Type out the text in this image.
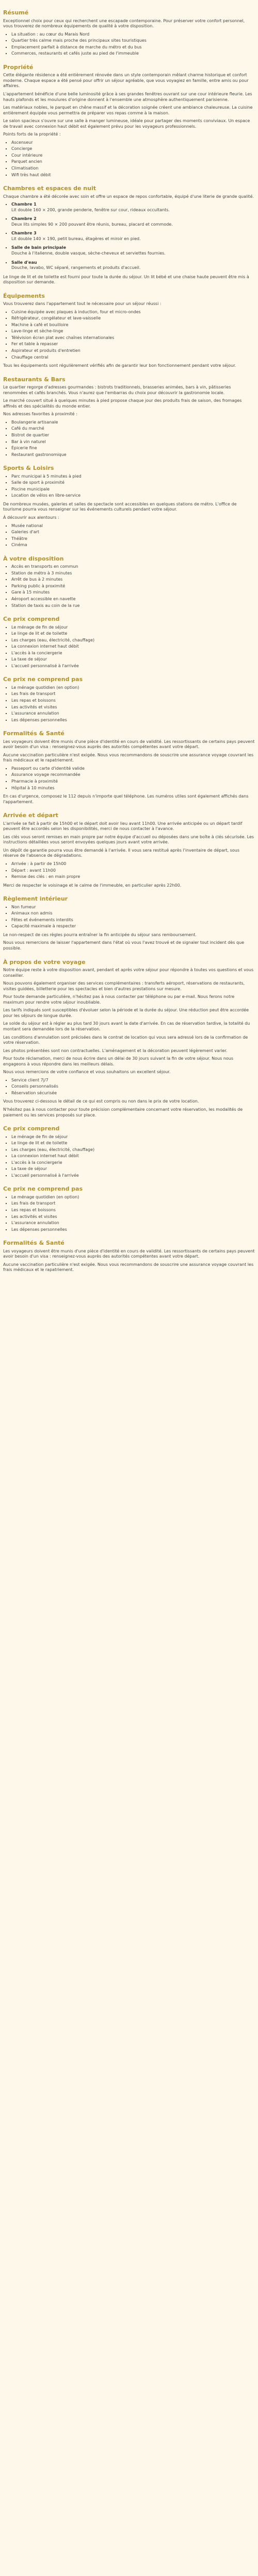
Résumé

Exceptionnel choix pour ceux qui recherchent une escapade contemporaine. Pour préserver votre confort personnel, vous trouverez de nombreux équipements de qualité à votre disposition.

▪ La situation : au cœur du Marais Nord
▪ Quartier très calme mais proche des principaux sites touristiques
▪ Emplacement parfait à distance de marche du métro et du bus
▪ Commerces, restaurants et cafés juste au pied de l'immeuble
Propriété

Cette élégante résidence a été entièrement rénovée dans un style contemporain mêlant charme historique et confort moderne. Chaque espace a été pensé pour offrir un séjour agréable, que vous voyagiez en famille, entre amis ou pour affaires.

L'appartement bénéficie d'une belle luminosité grâce à ses grandes fenêtres ouvrant sur une cour intérieure fleurie. Les hauts plafonds et les moulures d'origine donnent à l'ensemble une atmosphère authentiquement parisienne.

Les matériaux nobles, le parquet en chêne massif et la décoration soignée créent une ambiance chaleureuse. La cuisine entièrement équipée vous permettra de préparer vos repas comme à la maison.

Le salon spacieux s'ouvre sur une salle à manger lumineuse, idéale pour partager des moments conviviaux. Un espace de travail avec connexion haut débit est également prévu pour les voyageurs professionnels.

Points forts de la propriété :

▪ Ascenseur
▪ Concierge
▪ Cour intérieure
▪ Parquet ancien
▪ Climatisation
▪ Wifi très haut débit
Chambres et espaces de nuit

Chaque chambre a été décorée avec soin et offre un espace de repos confortable, équipé d'une literie de grande qualité.

▪ Chambre 1
Lit double 160 × 200, grande penderie, fenêtre sur cour, rideaux occultants.
▪ Chambre 2
Deux lits simples 90 × 200 pouvant être réunis, bureau, placard et commode.
▪ Chambre 3
Lit double 140 × 190, petit bureau, étagères et miroir en pied.
▪ Salle de bain principale
Douche à l'italienne, double vasque, sèche-cheveux et serviettes fournies.
▪ Salle d'eau
Douche, lavabo, WC séparé, rangements et produits d'accueil.

Le linge de lit et de toilette est fourni pour toute la durée du séjour. Un lit bébé et une chaise haute peuvent être mis à disposition sur demande.

Équipements

Vous trouverez dans l'appartement tout le nécessaire pour un séjour réussi :

▪ Cuisine équipée avec plaques à induction, four et micro-ondes
▪ Réfrigérateur, congélateur et lave-vaisselle
▪ Machine à café et bouilloire
▪ Lave-linge et sèche-linge
▪ Télévision écran plat avec chaînes internationales
▪ Fer et table à repasser
▪ Aspirateur et produits d'entretien
▪ Chauffage central

Tous les équipements sont régulièrement vérifiés afin de garantir leur bon fonctionnement pendant votre séjour.

Restaurants & Bars

Le quartier regorge d'adresses gourmandes : bistrots traditionnels, brasseries animées, bars à vin, pâtisseries renommées et cafés branchés. Vous n'aurez que l'embarras du choix pour découvrir la gastronomie locale.

Le marché couvert situé à quelques minutes à pied propose chaque jour des produits frais de saison, des fromages affinés et des spécialités du monde entier.

Nos adresses favorites à proximité :

▪ Boulangerie artisanale
▪ Café du marché
▪ Bistrot de quartier
▪ Bar à vin naturel
▪ Épicerie fine
▪ Restaurant gastronomique
Sports & Loisirs
▪ Parc municipal à 5 minutes à pied
▪ Salle de sport à proximité
▪ Piscine municipale
▪ Location de vélos en libre-service

De nombreux musées, galeries et salles de spectacle sont accessibles en quelques stations de métro. L'office de tourisme pourra vous renseigner sur les événements culturels pendant votre séjour.

À découvrir aux alentours :

▪ Musée national
▪ Galeries d'art
▪ Théâtre
▪ Cinéma
À votre disposition
▪ Accès en transports en commun
▪ Station de métro à 3 minutes
▪ Arrêt de bus à 2 minutes
▪ Parking public à proximité
▪ Gare à 15 minutes
▪ Aéroport accessible en navette
▪ Station de taxis au coin de la rue
Ce prix comprend
▪ Le ménage de fin de séjour
▪ Le linge de lit et de toilette
▪ Les charges (eau, électricité, chauffage)
▪ La connexion internet haut débit
▪ L'accès à la conciergerie
▪ La taxe de séjour
▪ L'accueil personnalisé à l'arrivée
Ce prix ne comprend pas
▪ Le ménage quotidien (en option)
▪ Les frais de transport
▪ Les repas et boissons
▪ Les activités et visites
▪ L'assurance annulation
▪ Les dépenses personnelles
Formalités & Santé

Les voyageurs doivent être munis d'une pièce d'identité en cours de validité. Les ressortissants de certains pays peuvent avoir besoin d'un visa : renseignez-vous auprès des autorités compétentes avant votre départ.

Aucune vaccination particulière n'est exigée. Nous vous recommandons de souscrire une assurance voyage couvrant les frais médicaux et le rapatriement.

▪ Passeport ou carte d'identité valide
▪ Assurance voyage recommandée
▪ Pharmacie à proximité
▪ Hôpital à 10 minutes

En cas d'urgence, composez le 112 depuis n'importe quel téléphone. Les numéros utiles sont également affichés dans l'appartement.

Arrivée et départ

L'arrivée se fait à partir de 15h00 et le départ doit avoir lieu avant 11h00. Une arrivée anticipée ou un départ tardif peuvent être accordés selon les disponibilités, merci de nous contacter à l'avance.

Les clés vous seront remises en main propre par notre équipe d'accueil ou déposées dans une boîte à clés sécurisée. Les instructions détaillées vous seront envoyées quelques jours avant votre arrivée.

Un dépôt de garantie pourra vous être demandé à l'arrivée. Il vous sera restitué après l'inventaire de départ, sous réserve de l'absence de dégradations.

▪ Arrivée : à partir de 15h00
▪ Départ : avant 11h00
▪ Remise des clés : en main propre

Merci de respecter le voisinage et le calme de l'immeuble, en particulier après 22h00.

Règlement intérieur
▪ Non fumeur
▪ Animaux non admis
▪ Fêtes et événements interdits
▪ Capacité maximale à respecter

Le non-respect de ces règles pourra entraîner la fin anticipée du séjour sans remboursement.

Nous vous remercions de laisser l'appartement dans l'état où vous l'avez trouvé et de signaler tout incident dès que possible.

À propos de votre voyage

Notre équipe reste à votre disposition avant, pendant et après votre séjour pour répondre à toutes vos questions et vous conseiller.

Nous pouvons également organiser des services complémentaires : transferts aéroport, réservations de restaurants, visites guidées, billetterie pour les spectacles et bien d'autres prestations sur mesure.

Pour toute demande particulière, n'hésitez pas à nous contacter par téléphone ou par e-mail. Nous ferons notre maximum pour rendre votre séjour inoubliable.

Les tarifs indiqués sont susceptibles d'évoluer selon la période et la durée du séjour. Une réduction peut être accordée pour les séjours de longue durée.

Le solde du séjour est à régler au plus tard 30 jours avant la date d'arrivée. En cas de réservation tardive, la totalité du montant sera demandée lors de la réservation.

Les conditions d'annulation sont précisées dans le contrat de location qui vous sera adressé lors de la confirmation de votre réservation.

Les photos présentées sont non contractuelles. L'aménagement et la décoration peuvent légèrement varier.

Pour toute réclamation, merci de nous écrire dans un délai de 30 jours suivant la fin de votre séjour. Nous nous engageons à vous répondre dans les meilleurs délais.

Nous vous remercions de votre confiance et vous souhaitons un excellent séjour.

▪ Service client 7j/7
▪ Conseils personnalisés
▪ Réservation sécurisée

Vous trouverez ci-dessous le détail de ce qui est compris ou non dans le prix de votre location.

N'hésitez pas à nous contacter pour toute précision complémentaire concernant votre réservation, les modalités de paiement ou les services proposés sur place.

Ce prix comprend
▪ Le ménage de fin de séjour
▪ Le linge de lit et de toilette
▪ Les charges (eau, électricité, chauffage)
▪ La connexion internet haut débit
▪ L'accès à la conciergerie
▪ La taxe de séjour
▪ L'accueil personnalisé à l'arrivée
Ce prix ne comprend pas
▪ Le ménage quotidien (en option)
▪ Les frais de transport
▪ Les repas et boissons
▪ Les activités et visites
▪ L'assurance annulation
▪ Les dépenses personnelles
Formalités & Santé

Les voyageurs doivent être munis d'une pièce d'identité en cours de validité. Les ressortissants de certains pays peuvent avoir besoin d'un visa : renseignez-vous auprès des autorités compétentes avant votre départ.

Aucune vaccination particulière n'est exigée. Nous vous recommandons de souscrire une assurance voyage couvrant les frais médicaux et le rapatriement.
